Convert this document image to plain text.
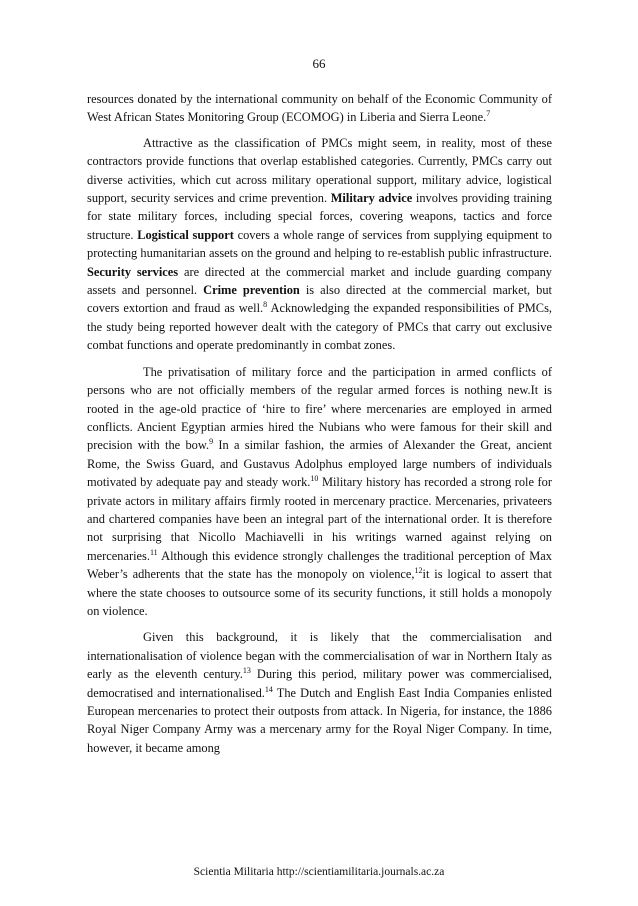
66

resources donated by the international community on behalf of the Economic Community of West African States Monitoring Group (ECOMOG) in Liberia and Sierra Leone.$^7$

Attractive as the classification of PMCs might seem, in reality, most of these contractors provide functions that overlap established categories. Currently, PMCs carry out diverse activities, which cut across military operational support, military advice, logistical support, security services and crime prevention. Military advice involves providing training for state military forces, including special forces, covering weapons, tactics and force structure. Logistical support covers a whole range of services from supplying equipment to protecting humanitarian assets on the ground and helping to re-establish public infrastructure. Security services are directed at the commercial market and include guarding company assets and personnel. Crime prevention is also directed at the commercial market, but covers extortion and fraud as well.$^8$ Acknowledging the expanded responsibilities of PMCs, the study being reported however dealt with the category of PMCs that carry out exclusive combat functions and operate predominantly in combat zones.

The privatisation of military force and the participation in armed conflicts of persons who are not officially members of the regular armed forces is nothing new.It is rooted in the age-old practice of ‘hire to fire’ where mercenaries are employed in armed conflicts. Ancient Egyptian armies hired the Nubians who were famous for their skill and precision with the bow.$^9$ In a similar fashion, the armies of Alexander the Great, ancient Rome, the Swiss Guard, and Gustavus Adolphus employed large numbers of individuals motivated by adequate pay and steady work.$^{10}$ Military history has recorded a strong role for private actors in military affairs firmly rooted in mercenary practice. Mercenaries, privateers and chartered companies have been an integral part of the international order. It is therefore not surprising that Nicollo Machiavelli in his writings warned against relying on mercenaries.$^{11}$ Although this evidence strongly challenges the traditional perception of Max Weber’s adherents that the state has the monopoly on violence,$^{12}$it is logical to assert that where the state chooses to outsource some of its security functions, it still holds a monopoly on violence.

Given this background, it is likely that the commercialisation and internationalisation of violence began with the commercialisation of war in Northern Italy as early as the eleventh century.$^{13}$ During this period, military power was commercialised, democratised and internationalised.$^{14}$ The Dutch and English East India Companies enlisted European mercenaries to protect their outposts from attack. In Nigeria, for instance, the 1886 Royal Niger Company Army was a mercenary army for the Royal Niger Company. In time, however, it became among

Scientia Militaria http://scientiamilitaria.journals.ac.za
